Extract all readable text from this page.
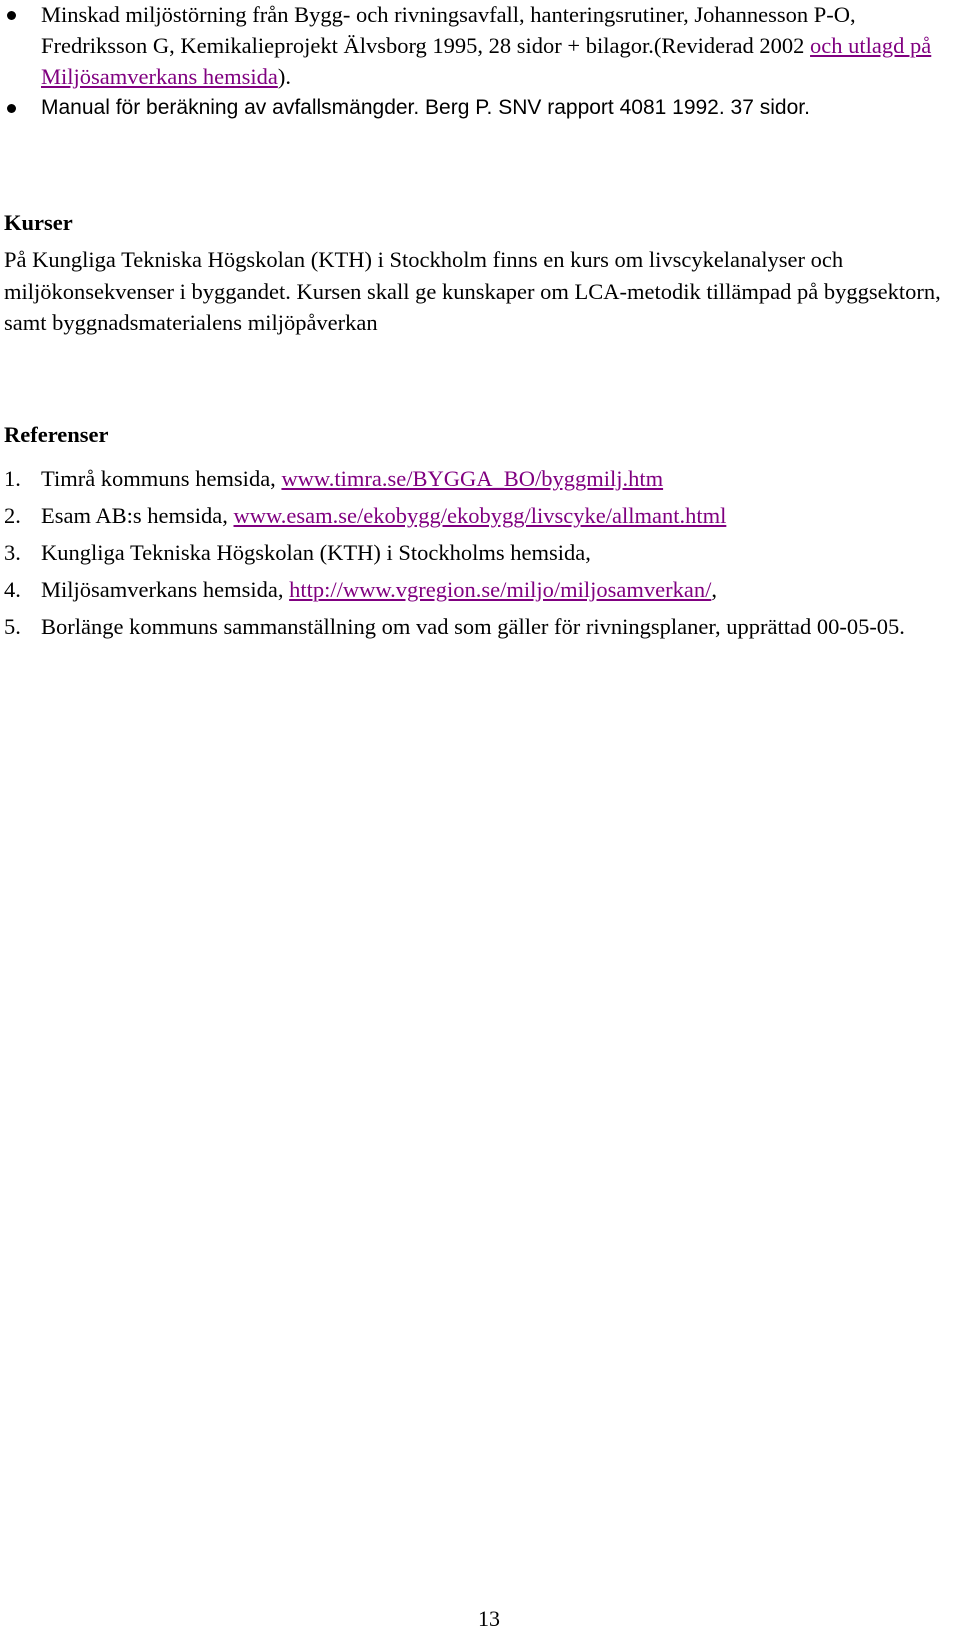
Minskad miljöstörning från Bygg- och rivningsavfall, hanteringsrutiner, Johannesson P-O, Fredriksson G, Kemikalieprojekt Älvsborg 1995, 28 sidor + bilagor.(Reviderad 2002 och utlagd på Miljösamverkans hemsida).
Manual för beräkning av avfallsmängder. Berg P. SNV rapport 4081 1992. 37 sidor.
Kurser
På Kungliga Tekniska Högskolan (KTH) i Stockholm finns en kurs om livscykelanalyser och miljökonsekvenser i byggandet. Kursen skall ge kunskaper om LCA-metodik tillämpad på byggsektorn, samt byggnadsmaterialens miljöpåverkan
Referenser
1. Timrå kommuns hemsida, www.timra.se/BYGGA_BO/byggmilj.htm
2. Esam AB:s hemsida, www.esam.se/ekobygg/ekobygg/livscyke/allmant.html
3. Kungliga Tekniska Högskolan (KTH) i Stockholms hemsida,
4. Miljösamverkans hemsida, http://www.vgregion.se/miljo/miljosamverkan/,
5. Borlänge kommuns sammanställning om vad som gäller för rivningsplaner, upprättad 00-05-05.
13
